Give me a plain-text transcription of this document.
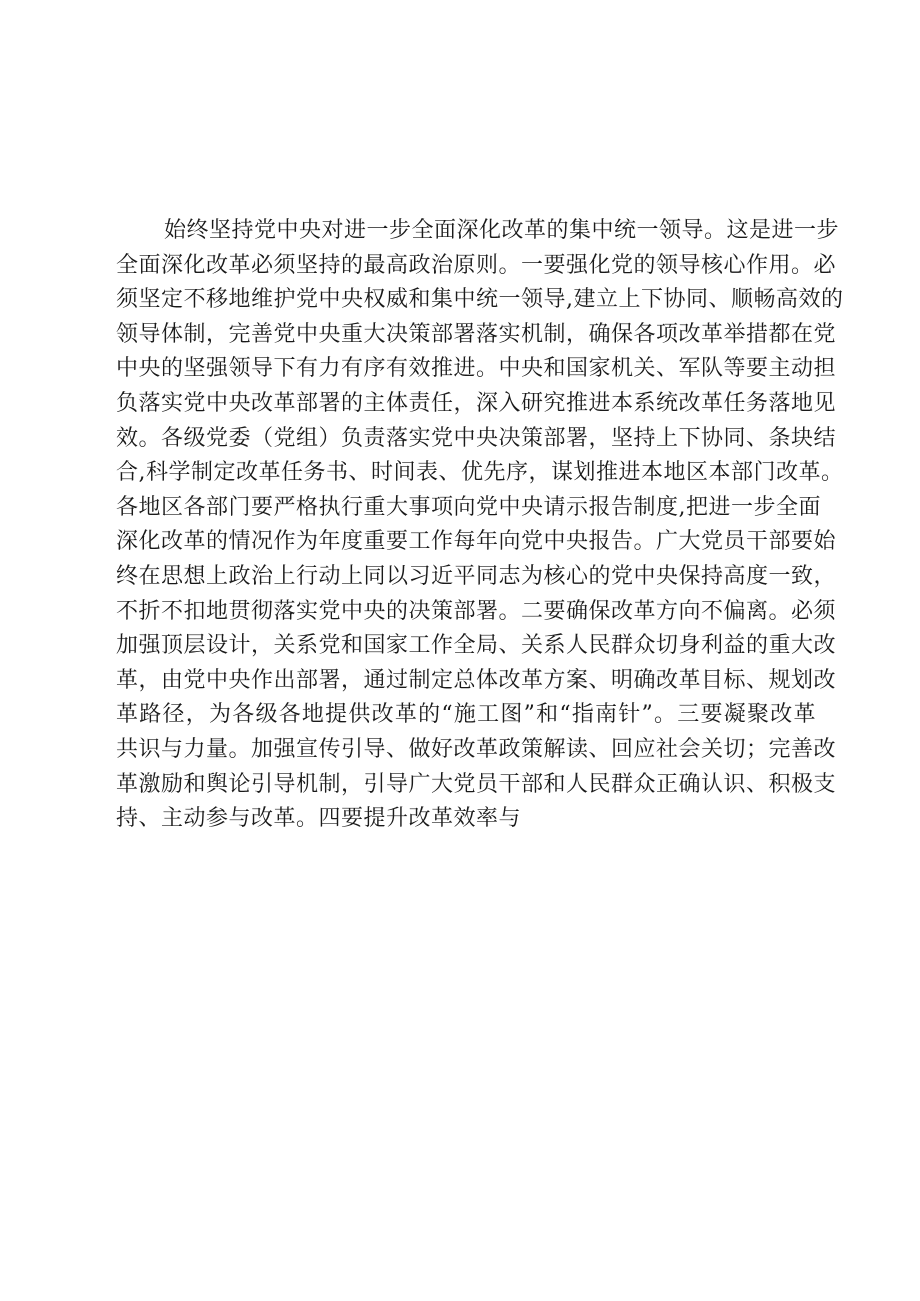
始终坚持党中央对进一步全面深化改革的集中统一领导。这是进一步
全面深化改革必须坚持的最高政治原则。一要强化党的领导核心作用。必
须坚定不移地维护党中央权威和集中统一领导,建立上下协同、顺畅高效的
领导体制，完善党中央重大决策部署落实机制，确保各项改革举措都在党
中央的坚强领导下有力有序有效推进。中央和国家机关、军队等要主动担
负落实党中央改革部署的主体责任，深入研究推进本系统改革任务落地见
效。各级党委（党组）负责落实党中央决策部署，坚持上下协同、条块结
合,科学制定改革任务书、时间表、优先序，谋划推进本地区本部门改革。
各地区各部门要严格执行重大事项向党中央请示报告制度,把进一步全面
深化改革的情况作为年度重要工作每年向党中央报告。广大党员干部要始
终在思想上政治上行动上同以习近平同志为核心的党中央保持高度一致，
不折不扣地贯彻落实党中央的决策部署。二要确保改革方向不偏离。必须
加强顶层设计，关系党和国家工作全局、关系人民群众切身利益的重大改
革，由党中央作出部署，通过制定总体改革方案、明确改革目标、规划改
革路径，为各级各地提供改革的“施工图”和“指南针”。三要凝聚改革
共识与力量。加强宣传引导、做好改革政策解读、回应社会关切；完善改
革激励和舆论引导机制，引导广大党员干部和人民群众正确认识、积极支
持、主动参与改革。四要提升改革效率与
